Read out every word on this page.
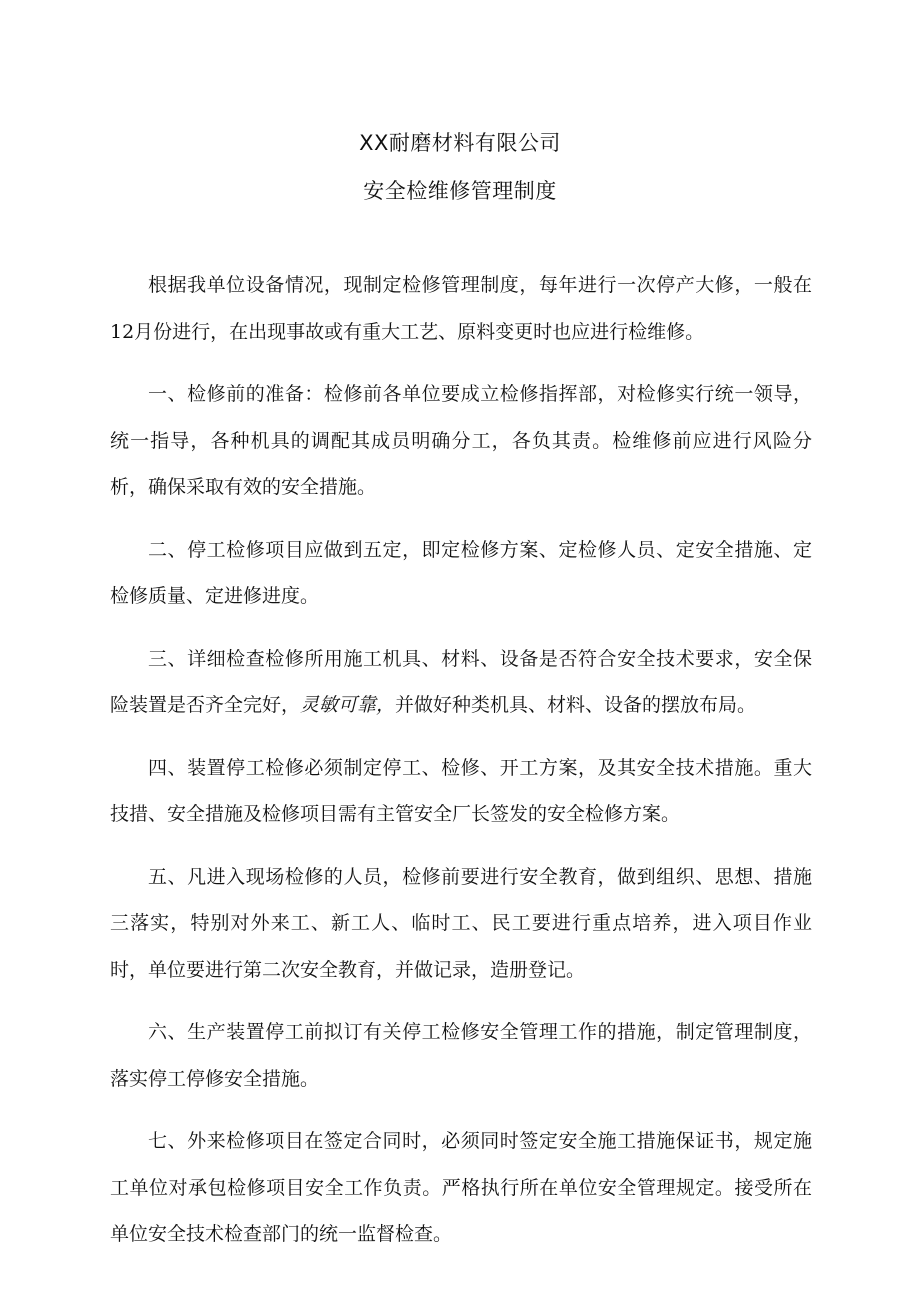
XX耐磨材料有限公司
安全检维修管理制度

根据我单位设备情况，现制定检修管理制度，每年进行一次停产大修，一般在12月份进行，在出现事故或有重大工艺、原料变更时也应进行检维修。

一、检修前的准备：检修前各单位要成立检修指挥部，对检修实行统一领导，统一指导，各种机具的调配其成员明确分工，各负其责。检维修前应进行风险分析，确保采取有效的安全措施。

二、停工检修项目应做到五定，即定检修方案、定检修人员、定安全措施、定检修质量、定进修进度。

三、详细检查检修所用施工机具、材料、设备是否符合安全技术要求，安全保险装置是否齐全完好，灵敏可靠，并做好种类机具、材料、设备的摆放布局。

四、装置停工检修必须制定停工、检修、开工方案，及其安全技术措施。重大技措、安全措施及检修项目需有主管安全厂长签发的安全检修方案。

五、凡进入现场检修的人员，检修前要进行安全教育，做到组织、思想、措施三落实，特别对外来工、新工人、临时工、民工要进行重点培养，进入项目作业时，单位要进行第二次安全教育，并做记录，造册登记。

六、生产装置停工前拟订有关停工检修安全管理工作的措施，制定管理制度，落实停工停修安全措施。

七、外来检修项目在签定合同时，必须同时签定安全施工措施保证书，规定施工单位对承包检修项目安全工作负责。严格执行所在单位安全管理规定。接受所在单位安全技术检查部门的统一监督检查。
